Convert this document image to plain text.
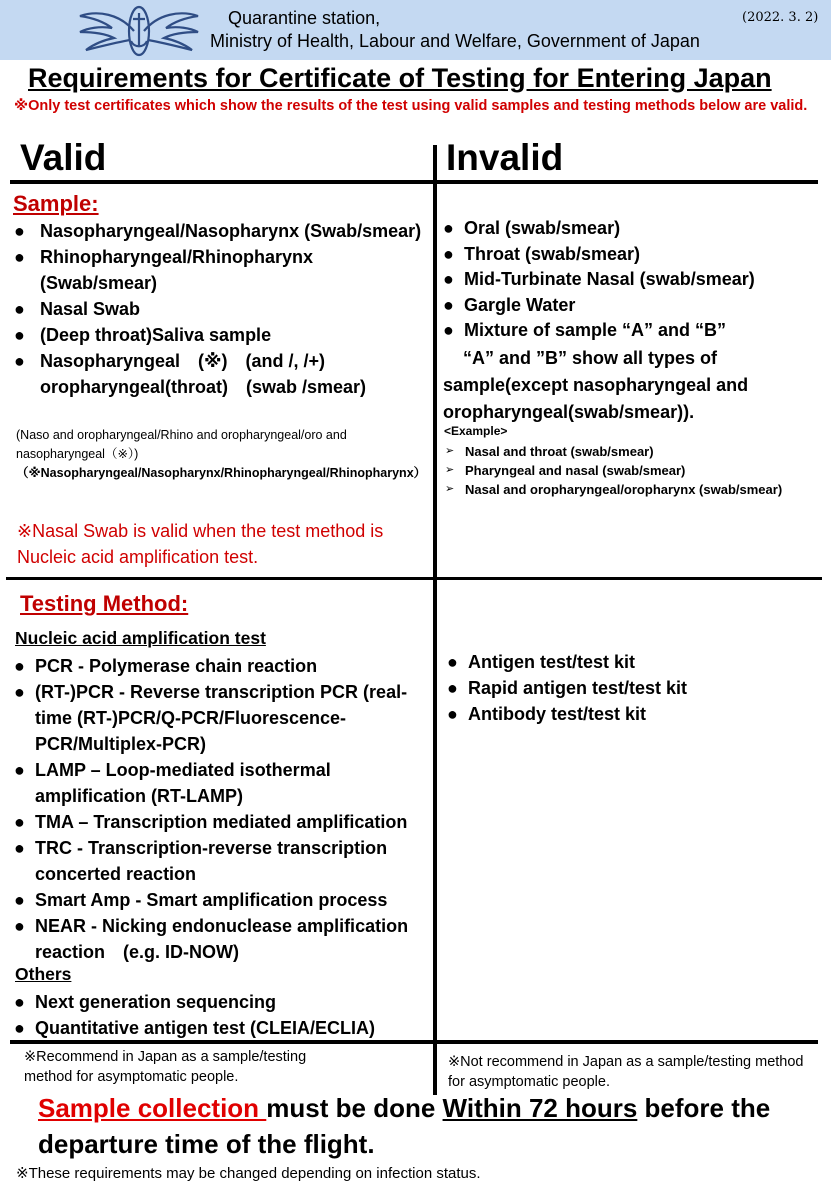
Quarantine station,
Ministry of Health, Labour and Welfare, Government of Japan
(2022. 3. 2)
Requirements for Certificate of Testing for Entering Japan
※Only test certificates which show the results of the test using valid samples and testing methods below are valid.
Valid	Invalid
Sample:
● Nasopharyngeal/Nasopharynx (Swab/smear)
● Rhinopharyngeal/Rhinopharynx (Swab/smear)
● Nasal Swab
● (Deep throat)Saliva sample
● Nasopharyngeal　(※)　(and /, /+) oropharyngeal(throat)　(swab /smear)
(Naso and oropharyngeal/Rhino and oropharyngeal/oro and nasopharyngeal（※）)
（※Nasopharyngeal/Nasopharynx/Rhinopharyngeal/Rhinopharynx）
※Nasal Swab is valid when the test method is Nucleic acid amplification test.
● Oral (swab/smear)
● Throat (swab/smear)
● Mid-Turbinate Nasal (swab/smear)
● Gargle Water
● Mixture of sample “A” and “B”
“A” and ”B” show all types of sample(except nasopharyngeal and oropharyngeal(swab/smear)).
<Example>
➢ Nasal and throat (swab/smear)
➢ Pharyngeal and nasal (swab/smear)
➢ Nasal and oropharyngeal/oropharynx (swab/smear)
Testing Method:
Nucleic acid amplification test
● PCR - Polymerase chain reaction
● (RT-)PCR - Reverse transcription PCR (real-time (RT-)PCR/Q-PCR/Fluorescence-PCR/Multiplex-PCR)
● LAMP – Loop-mediated isothermal amplification (RT-LAMP)
● TMA – Transcription mediated amplification
● TRC - Transcription-reverse transcription concerted reaction
● Smart Amp - Smart amplification process
● NEAR - Nicking endonuclease amplification reaction　(e.g. ID-NOW)
Others
● Next generation sequencing
● Quantitative antigen test (CLEIA/ECLIA)
● Antigen test/test kit
● Rapid antigen test/test kit
● Antibody test/test kit
※Recommend in Japan as a sample/testing method for asymptomatic people.
※Not recommend in Japan as a sample/testing method for asymptomatic people.
Sample collection must be done Within 72 hours before the departure time of the flight.
※These requirements may be changed depending on infection status.
